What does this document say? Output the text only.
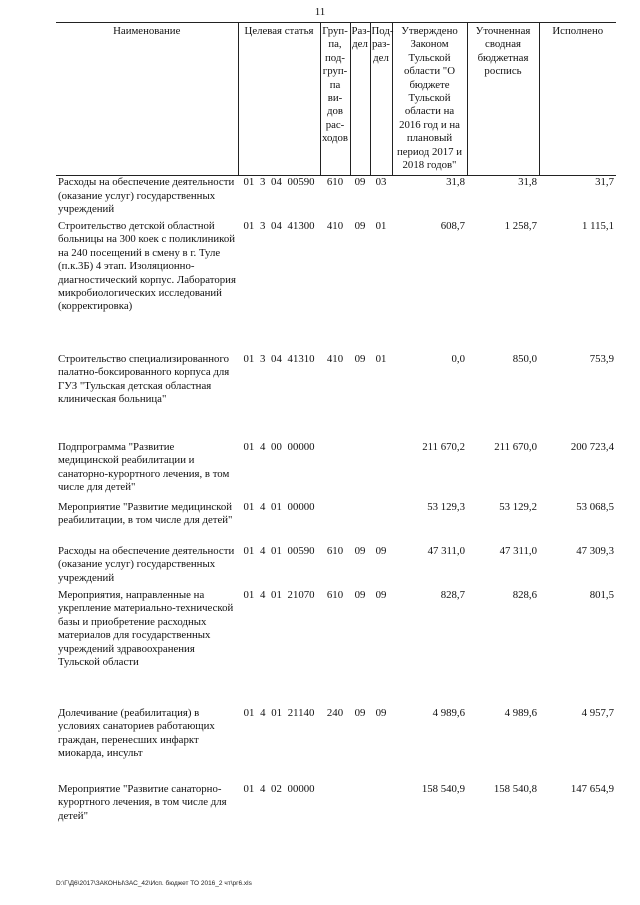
11
Наименование	Целевая статья	Груп-па, под-груп-па ви-дов рас-ходов	Раз-дел	Под-раз-дел	Утверждено Законом Тульской области "О бюджете Тульской области на 2016 год и на плановый период 2017 и 2018 годов"	Уточненная сводная бюджетная роспись	Исполнено
Расходы на обеспечение деятельности (оказание услуг) государственных учреждений	01 3 04 00590	610	09	03	31,8	31,8	31,7
Строительство детской областной больницы на 300 коек с поликлиникой на 240 посещений в смену в г. Туле (п.к.3Б) 4 этап. Изоляционно-диагностический корпус. Лаборатория микробиологических исследований (корректировка)	01 3 04 41300	410	09	01	608,7	1 258,7	1 115,1
Строительство специализированного палатно-боксированного корпуса для ГУЗ "Тульская детская областная клиническая больница"	01 3 04 41310	410	09	01	0,0	850,0	753,9
Подпрограмма "Развитие медицинской реабилитации и санаторно-курортного лечения, в том числе для детей"	01 4 00 00000				211 670,2	211 670,0	200 723,4
Мероприятие "Развитие медицинской реабилитации, в том числе для детей"	01 4 01 00000				53 129,3	53 129,2	53 068,5
Расходы на обеспечение деятельности (оказание услуг) государственных учреждений	01 4 01 00590	610	09	09	47 311,0	47 311,0	47 309,3
Мероприятия, направленные на укрепление материально-технической базы и приобретение расходных материалов для государственных учреждений здравоохранения Тульской области	01 4 01 21070	610	09	09	828,7	828,6	801,5
Долечивание (реабилитация) в условиях санаториев работающих граждан, перенесших инфаркт миокарда, инсульт	01 4 01 21140	240	09	09	4 989,6	4 989,6	4 957,7
Мероприятие "Развитие санаторно-курортного лечения, в том числе для детей"	01 4 02 00000				158 540,9	158 540,8	147 654,9
D:\Г\Д6\2017\ЗАКОНЫ\ЗАС_42\Исп. бюджет ТО 2016_2 чт\рг6.xls
